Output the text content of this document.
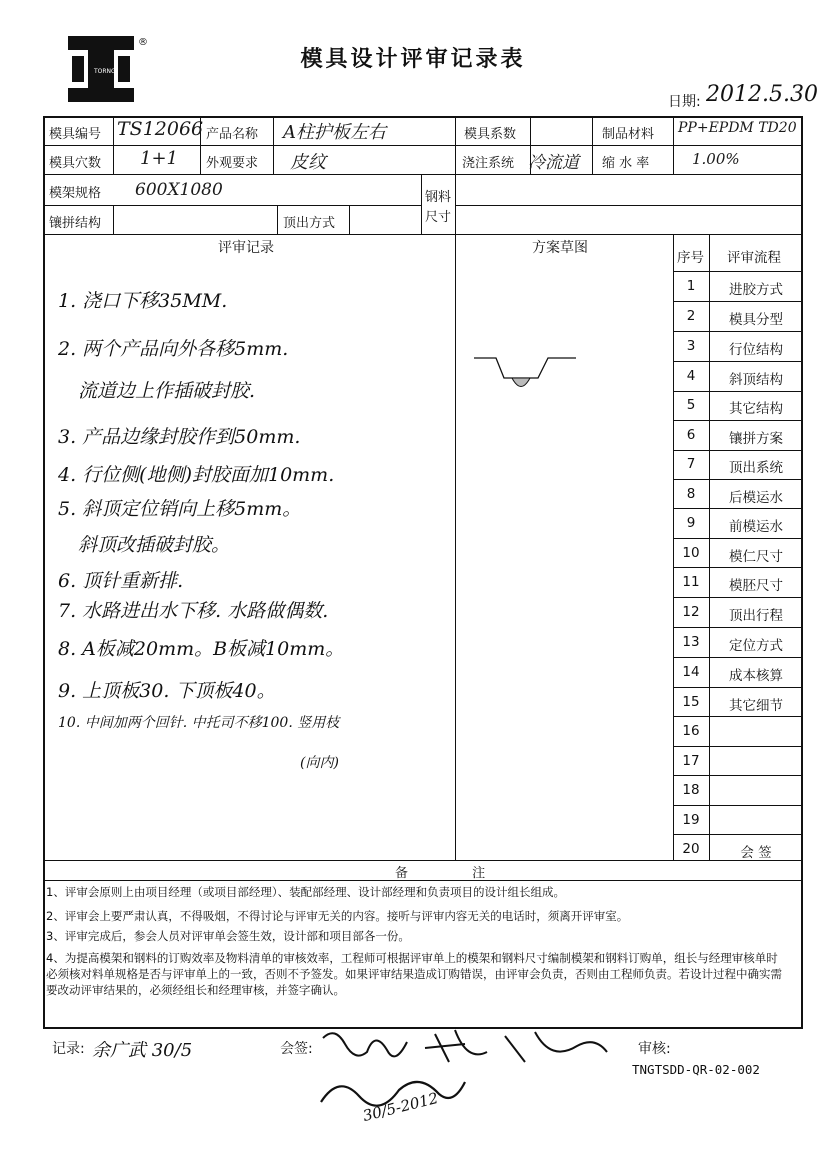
TORNG
®
模具设计评审记录表
日期: 2012.5.30
模具编号 TS12066 产品名称 A柱护板左右	模具系数	制品材料 PP+EPDM TD20
模具穴数 1+1 外观要求 皮纹	浇注系统 冷流道 缩 水 率	1.00%
模架规格 600X1080	钢料
尺寸
镶拼结构	顶出方式
评审记录	方案草图
序号 评审流程
1. 浇口下移35MM.
2. 两个产品向外各移5mm.
流道边上作插破封胶.
3. 产品边缘封胶作到50mm.
4. 行位侧(地侧)封胶面加10mm.
5. 斜顶定位销向上移5mm。
斜顶改插破封胶。
6. 顶针重新排.
7. 水路进出水下移. 水路做偶数.
8. A板减20mm。B板减10mm。
9. 上顶板30. 下顶板40。
10. 中间加两个回针. 中托司不移100. 竖用枝
(向内)
1	进胶方式
2	模具分型
3	行位结构
4	斜顶结构
5	其它结构
6	镶拼方案
7	顶出系统
8	后模运水
9	前模运水
10	模仁尺寸
11	模胚尺寸
12	顶出行程
13	定位方式
14	成本核算
15	其它细节
16
17
18
19
20	会 签
备 注
1、评审会原则上由项目经理（或项目部经理）、装配部经理、设计部经理和负责项目的设计组长组成。
2、评审会上要严肃认真，不得吸烟，不得讨论与评审无关的内容。接听与评审内容无关的电话时，须离开评审室。
3、评审完成后，参会人员对评审单会签生效，设计部和项目部各一份。
4、为提高模架和钢料的订购效率及物料清单的审核效率，工程师可根据评审单上的模架和钢料尺寸编制模架和钢料订购单，组长与经理审核单时必须核对料单规格是否与评审单上的一致，否则不予签发。如果评审结果造成订购错误，由评审会负责，否则由工程师负责。若设计过程中确实需要改动评审结果的，必须经组长和经理审核，并签字确认。
记录: 余广武 30/5	会签:
30/5-2012
审核:
TNGTSDD-QR-02-002
